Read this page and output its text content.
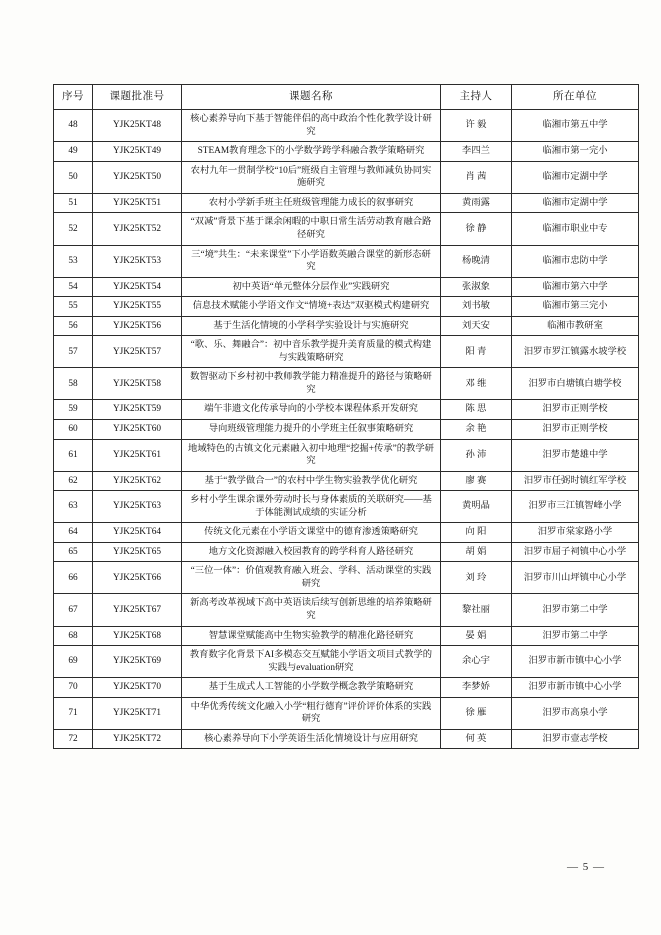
序号	课题批准号	课题名称	主持人	所在单位
48	YJK25KT48	核心素养导向下基于智能伴侣的高中政治个性化教学设计研究	许 毅	临湘市第五中学
49	YJK25KT49	STEAM教育理念下的小学数学跨学科融合教学策略研究	李四兰	临湘市第一完小
50	YJK25KT50	农村九年一贯制学校“10后”班级自主管理与教师减负协同实施研究	肖 茜	临湘市定湖中学
51	YJK25KT51	农村小学新手班主任班级管理能力成长的叙事研究	黄雨露	临湘市定湖中学
52	YJK25KT52	“双减”背景下基于课余闲暇的中职日常生活劳动教育融合路径研究	徐 静	临湘市职业中专
53	YJK25KT53	三“境”共生：“未来课堂”下小学语数英融合课堂的新形态研究	杨晚清	临湘市忠防中学
54	YJK25KT54	初中英语“单元整体分层作业”实践研究	张淑象	临湘市第六中学
55	YJK25KT55	信息技术赋能小学语文作文“情境+表达”双驱模式构建研究	刘书敏	临湘市第三完小
56	YJK25KT56	基于生活化情境的小学科学实验设计与实施研究	刘天安	临湘市教研室
57	YJK25KT57	“歌、乐、舞融合”：初中音乐教学提升美育质量的模式构建与实践策略研究	阳 青	汨罗市罗江镇露水坡学校
58	YJK25KT58	数智驱动下乡村初中教师教学能力精准提升的路径与策略研究	邓 维	汨罗市白塘镇白塘学校
59	YJK25KT59	端午非遗文化传承导向的小学校本课程体系开发研究	陈 思	汨罗市正则学校
60	YJK25KT60	导向班级管理能力提升的小学班主任叙事策略研究	余 艳	汨罗市正则学校
61	YJK25KT61	地域特色的古镇文化元素融入初中地理“挖掘+传承”的教学研究	孙 沛	汨罗市楚雄中学
62	YJK25KT62	基于“教学做合一”的农村中学生物实验教学优化研究	廖 赛	汨罗市任弼时镇红军学校
63	YJK25KT63	乡村小学生课余课外劳动时长与身体素质的关联研究——基于体能测试成绩的实证分析	黄明晶	汨罗市三江镇智峰小学
64	YJK25KT64	传统文化元素在小学语文课堂中的德育渗透策略研究	向 阳	汨罗市棠家路小学
65	YJK25KT65	地方文化资源融入校园教育的跨学科育人路径研究	胡 娟	汨罗市屈子祠镇中心小学
66	YJK25KT66	“三位一体”：价值观教育融入班会、学科、活动课堂的实践研究	刘 玲	汨罗市川山坪镇中心小学
67	YJK25KT67	新高考改革视域下高中英语读后续写创新思维的培养策略研究	黎社丽	汨罗市第二中学
68	YJK25KT68	智慧课堂赋能高中生物实验教学的精准化路径研究	晏 娟	汨罗市第二中学
69	YJK25KT69	教育数字化背景下AI多模态交互赋能小学语文项目式教学的实践与evaluation研究	余心宇	汨罗市新市镇中心小学
70	YJK25KT70	基于生成式人工智能的小学数学概念教学策略研究	李梦娇	汨罗市新市镇中心小学
71	YJK25KT71	中华优秀传统文化融入小学“粗行德育”评价评价体系的实践研究	徐 雁	汨罗市高泉小学
72	YJK25KT72	核心素养导向下小学英语生活化情境设计与应用研究	何 英	汨罗市壹志学校
— 5 —
